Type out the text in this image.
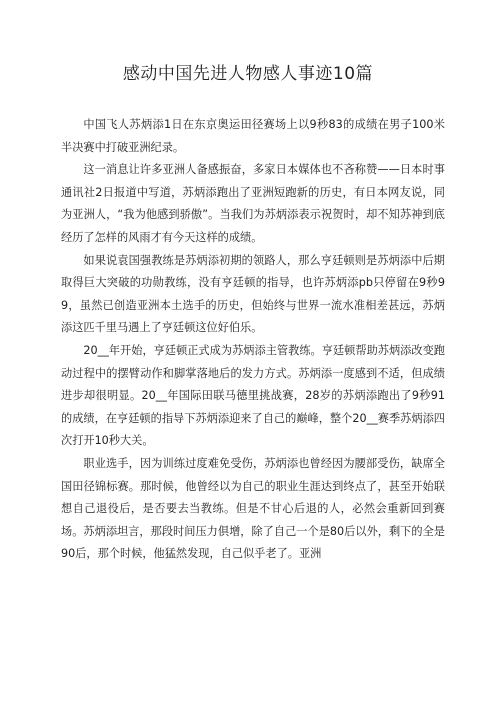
感动中国先进人物感人事迹10篇

中国飞人苏炳添1日在东京奥运田径赛场上以9秒83的成绩在男子100米半决赛中打破亚洲纪录。

这一消息让许多亚洲人备感振奋，多家日本媒体也不吝称赞——日本时事通讯社2日报道中写道，苏炳添跑出了亚洲短跑新的历史，有日本网友说，同为亚洲人，“我为他感到骄傲”。当我们为苏炳添表示祝贺时，却不知苏神到底经历了怎样的风雨才有今天这样的成绩。

如果说袁国强教练是苏炳添初期的领路人，那么亨廷顿则是苏炳添中后期取得巨大突破的功勋教练，没有亨廷顿的指导，也许苏炳添pb只停留在9秒99，虽然已创造亚洲本土选手的历史，但始终与世界一流水准相差甚远，苏炳添这匹千里马遇上了亨廷顿这位好伯乐。

20__年开始，亨廷顿正式成为苏炳添主管教练。亨廷顿帮助苏炳添改变跑动过程中的摆臂动作和脚掌落地后的发力方式。苏炳添一度感到不适，但成绩进步却很明显。20__年国际田联马德里挑战赛，28岁的苏炳添跑出了9秒91的成绩，在亨廷顿的指导下苏炳添迎来了自己的巅峰，整个20__赛季苏炳添四次打开10秒大关。

职业选手，因为训练过度难免受伤，苏炳添也曾经因为腰部受伤，缺席全国田径锦标赛。那时候，他曾经以为自己的职业生涯达到终点了，甚至开始联想自己退役后，是否要去当教练。但是不甘心后退的人，必然会重新回到赛场。苏炳添坦言，那段时间压力倶增，除了自己一个是80后以外，剩下的全是90后，那个时候，他猛然发现，自己似乎老了。亚洲
